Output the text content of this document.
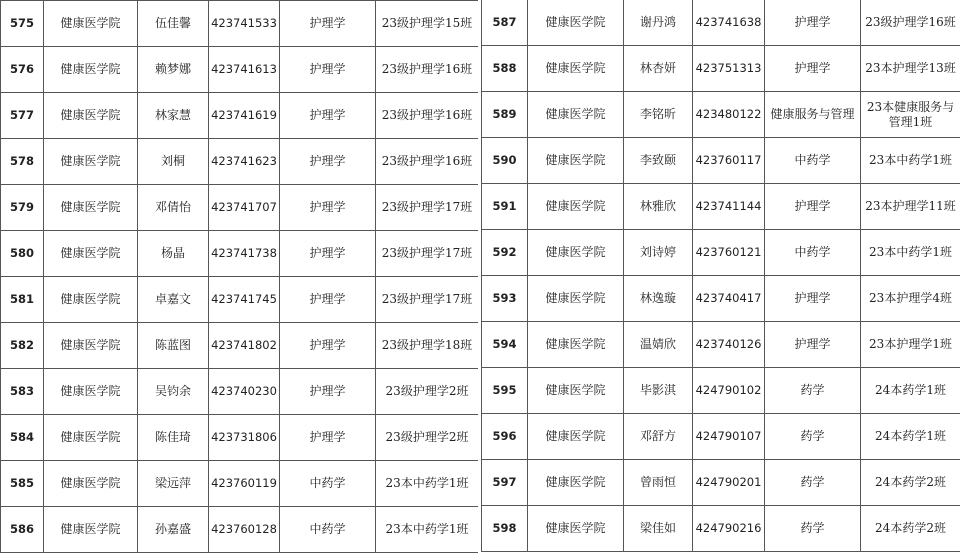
575	健康医学院	伍佳馨	423741533	护理学	23级护理学15班
576	健康医学院	赖梦娜	423741613	护理学	23级护理学16班
577	健康医学院	林家慧	423741619	护理学	23级护理学16班
578	健康医学院	刘桐	423741623	护理学	23级护理学16班
579	健康医学院	邓倩怡	423741707	护理学	23级护理学17班
580	健康医学院	杨晶	423741738	护理学	23级护理学17班
581	健康医学院	卓嘉文	423741745	护理学	23级护理学17班
582	健康医学院	陈蓝图	423741802	护理学	23级护理学18班
583	健康医学院	吴钧余	423740230	护理学	23级护理学2班
584	健康医学院	陈佳琦	423731806	护理学	23级护理学2班
585	健康医学院	梁远萍	423760119	中药学	23本中药学1班
586	健康医学院	孙嘉盛	423760128	中药学	23本中药学1班
587	健康医学院	谢丹鸿	423741638	护理学	23级护理学16班
588	健康医学院	林杏妍	423751313	护理学	23本护理学13班
589	健康医学院	李铭昕	423480122	健康服务与管理	23本健康服务与管理1班
590	健康医学院	李致颐	423760117	中药学	23本中药学1班
591	健康医学院	林雅欣	423741144	护理学	23本护理学11班
592	健康医学院	刘诗婷	423760121	中药学	23本中药学1班
593	健康医学院	林逸璇	423740417	护理学	23本护理学4班
594	健康医学院	温婧欣	423740126	护理学	23本护理学1班
595	健康医学院	毕影淇	424790102	药学	24本药学1班
596	健康医学院	邓舒方	424790107	药学	24本药学1班
597	健康医学院	曾雨恒	424790201	药学	24本药学2班
598	健康医学院	梁佳如	424790216	药学	24本药学2班
